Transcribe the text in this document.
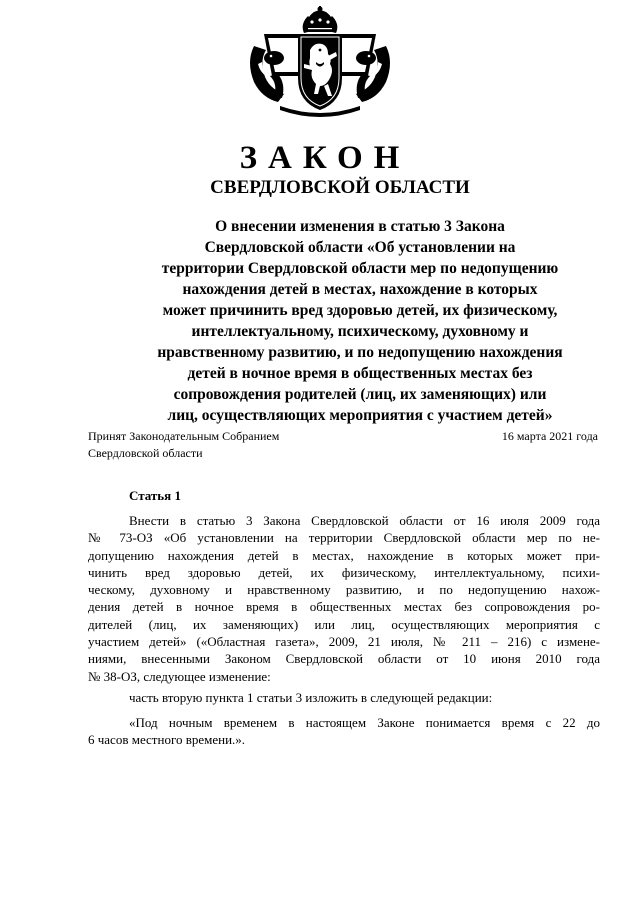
ЗАКОН
СВЕРДЛОВСКОЙ ОБЛАСТИ
О внесении изменения в статью 3 Закона
Свердловской области «Об установлении на
территории Свердловской области мер по недопущению
нахождения детей в местах, нахождение в которых
может причинить вред здоровью детей, их физическому,
интеллектуальному, психическому, духовному и
нравственному развитию, и по недопущению нахождения
детей в ночное время в общественных местах без
сопровождения родителей (лиц, их заменяющих) или
лиц, осуществляющих мероприятия с участием детей»
Принят Законодательным Собранием
Свердловской области
16 марта 2021 года
Статья 1
Внести в статью 3 Закона Свердловской области от 16 июля 2009 года
№ 73-ОЗ «Об установлении на территории Свердловской области мер по не-
допущению нахождения детей в местах, нахождение в которых может при-
чинить вред здоровью детей, их физическому, интеллектуальному, психи-
ческому, духовному и нравственному развитию, и по недопущению нахож-
дения детей в ночное время в общественных местах без сопровождения ро-
дителей (лиц, их заменяющих) или лиц, осуществляющих мероприятия с
участием детей» («Областная газета», 2009, 21 июля, № 211 – 216) с измене-
ниями, внесенными Законом Свердловской области от 10 июня 2010 года
№ 38-ОЗ, следующее изменение:
часть вторую пункта 1 статьи 3 изложить в следующей редакции:
«Под ночным временем в настоящем Законе понимается время с 22 до
6 часов местного времени.».
